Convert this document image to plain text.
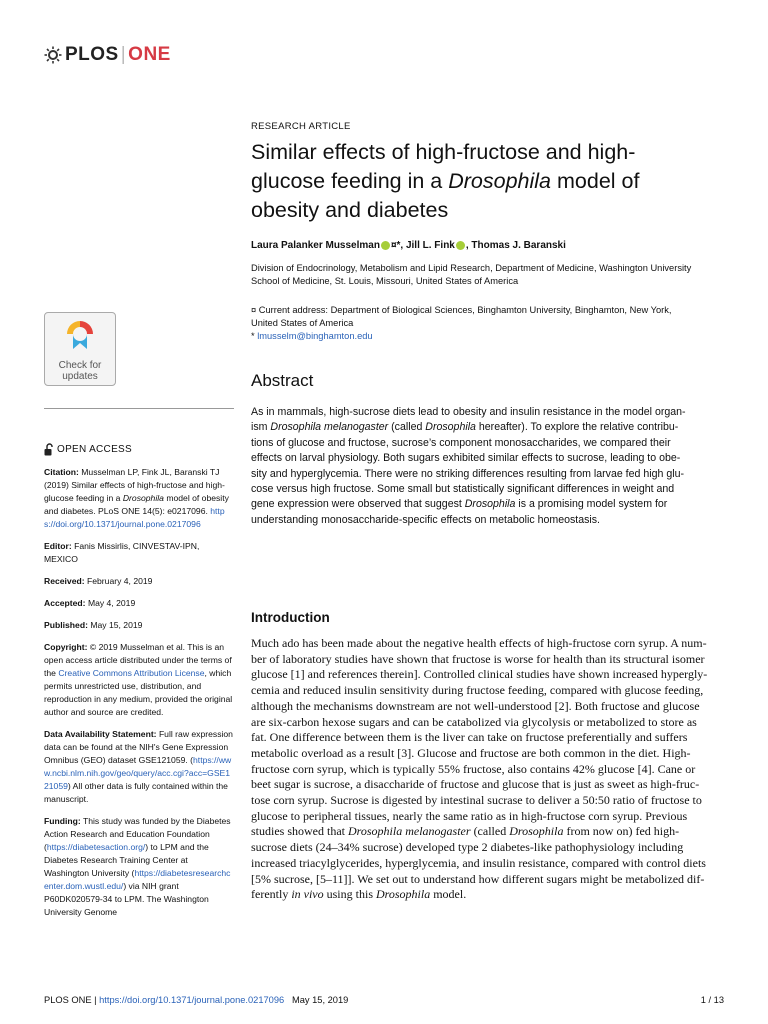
PLOS | ONE
Check for
updates
OPEN ACCESS

Citation: Musselman LP, Fink JL, Baranski TJ (2019) Similar effects of high-fructose and high-glucose feeding in a Drosophila model of obesity and diabetes. PLoS ONE 14(5): e0217096. https://doi.org/10.1371/journal.pone.0217096

Editor: Fanis Missirlis, CINVESTAV-IPN, MEXICO

Received: February 4, 2019

Accepted: May 4, 2019

Published: May 15, 2019

Copyright: © 2019 Musselman et al. This is an open access article distributed under the terms of the Creative Commons Attribution License, which permits unrestricted use, distribution, and reproduction in any medium, provided the original author and source are credited.

Data Availability Statement: Full raw expression data can be found at the NIH's Gene Expression Omnibus (GEO) dataset GSE121059. (https://www.ncbi.nlm.nih.gov/geo/query/acc.cgi?acc=GSE121059) All other data is fully contained within the manuscript.

Funding: This study was funded by the Diabetes Action Research and Education Foundation (https://diabetesaction.org/) to LPM and the Diabetes Research Training Center at Washington University (https://diabetesresearchcenter.dom.wustl.edu/) via NIH grant P60DK020579-34 to LPM. The Washington University Genome

RESEARCH ARTICLE
Similar effects of high-fructose and high-
glucose feeding in a Drosophila model of
obesity and diabetes
Laura Palanker Musselman ¤* , Jill L. Fink , Thomas J. Baranski
Division of Endocrinology, Metabolism and Lipid Research, Department of Medicine, Washington University
School of Medicine, St. Louis, Missouri, United States of America
¤ Current address: Department of Biological Sciences, Binghamton University, Binghamton, New York,
United States of America
* lmusselm@binghamton.edu
Abstract
As in mammals, high-sucrose diets lead to obesity and insulin resistance in the model organ-
ism Drosophila melanogaster (called Drosophila hereafter). To explore the relative contribu-
tions of glucose and fructose, sucrose’s component monosaccharides, we compared their
effects on larval physiology. Both sugars exhibited similar effects to sucrose, leading to obe-
sity and hyperglycemia. There were no striking differences resulting from larvae fed high glu-
cose versus high fructose. Some small but statistically significant differences in weight and
gene expression were observed that suggest Drosophila is a promising model system for
understanding monosaccharide-specific effects on metabolic homeostasis.
Introduction
Much ado has been made about the negative health effects of high-fructose corn syrup. A num-
ber of laboratory studies have shown that fructose is worse for health than its structural isomer
glucose [1] and references therein]. Controlled clinical studies have shown increased hypergly-
cemia and reduced insulin sensitivity during fructose feeding, compared with glucose feeding,
although the mechanisms downstream are not well-understood [2]. Both fructose and glucose
are six-carbon hexose sugars and can be catabolized via glycolysis or metabolized to store as
fat. One difference between them is the liver can take on fructose preferentially and suffers
metabolic overload as a result [3]. Glucose and fructose are both common in the diet. High-
fructose corn syrup, which is typically 55% fructose, also contains 42% glucose [4]. Cane or
beet sugar is sucrose, a disaccharide of fructose and glucose that is just as sweet as high-fruc-
tose corn syrup. Sucrose is digested by intestinal sucrase to deliver a 50:50 ratio of fructose to
glucose to peripheral tissues, nearly the same ratio as in high-fructose corn syrup. Previous
studies showed that Drosophila melanogaster (called Drosophila from now on) fed high-
sucrose diets (24–34% sucrose) developed type 2 diabetes-like pathophysiology including
increased triacylglycerides, hyperglycemia, and insulin resistance, compared with control diets
[5% sucrose, [5–11]]. We set out to understand how different sugars might be metabolized dif-
ferently in vivo using this Drosophila model.
PLOS ONE | https://doi.org/10.1371/journal.pone.0217096 May 15, 2019	1 / 13
